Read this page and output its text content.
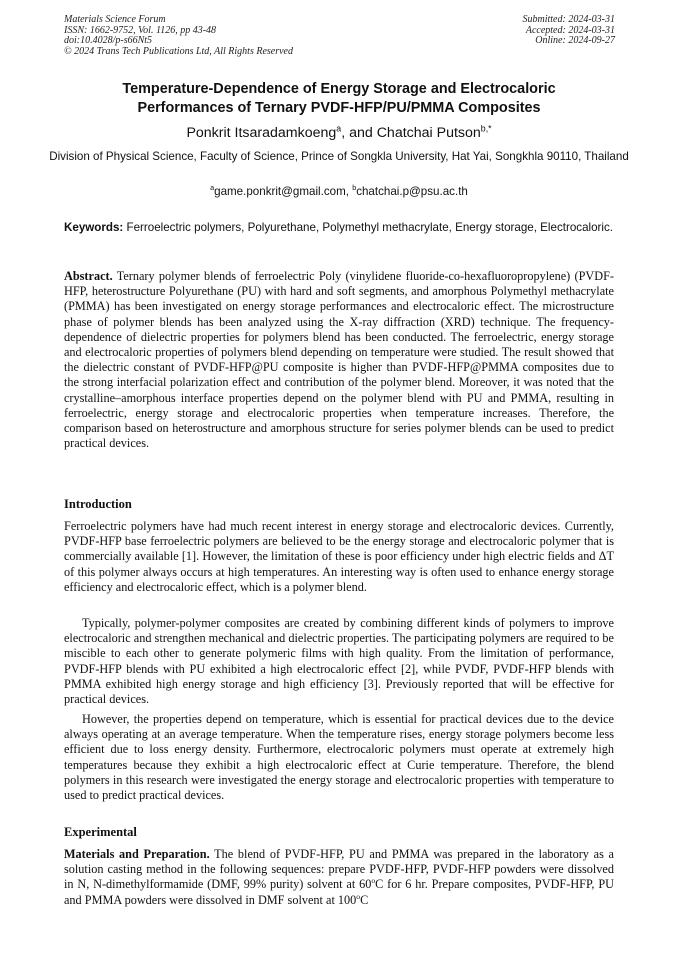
Materials Science Forum
ISSN: 1662-9752, Vol. 1126, pp 43-48
doi:10.4028/p-s66Nt5
© 2024 Trans Tech Publications Ltd, All Rights Reserved
Submitted: 2024-03-31
Accepted: 2024-03-31
Online: 2024-09-27
Temperature-Dependence of Energy Storage and Electrocaloric
Performances of Ternary PVDF-HFP/PU/PMMA Composites
Ponkrit Itsaradamkoeng$^a$, and Chatchai Putson$^{b,*}$
Division of Physical Science, Faculty of Science, Prince of Songkla University, Hat Yai, Songkhla 90110, Thailand
$^a$game.ponkrit@gmail.com, $^b$chatchai.p@psu.ac.th

Keywords: Ferroelectric polymers, Polyurethane, Polymethyl methacrylate, Energy storage, Electrocaloric.

Abstract. Ternary polymer blends of ferroelectric Poly (vinylidene fluoride-co-hexafluoropropylene) (PVDF-HFP, heterostructure Polyurethane (PU) with hard and soft segments, and amorphous Polymethyl methacrylate (PMMA) has been investigated on energy storage performances and electrocaloric effect. The microstructure phase of polymer blends has been analyzed using the X-ray diffraction (XRD) technique. The frequency-dependence of dielectric properties for polymers blend has been conducted. The ferroelectric, energy storage and electrocaloric properties of polymers blend depending on temperature were studied. The result showed that the dielectric constant of PVDF-HFP@PU composite is higher than PVDF-HFP@PMMA composites due to the strong interfacial polarization effect and contribution of the polymer blend. Moreover, it was noted that the crystalline–amorphous interface properties depend on the polymer blend with PU and PMMA, resulting in ferroelectric, energy storage and electrocaloric properties when temperature increases. Therefore, the comparison based on heterostructure and amorphous structure for series polymer blends can be used to predict practical devices.

Introduction

Ferroelectric polymers have had much recent interest in energy storage and electrocaloric devices. Currently, PVDF-HFP base ferroelectric polymers are believed to be the energy storage and electrocaloric polymer that is commercially available [1]. However, the limitation of these is poor efficiency under high electric fields and ΔT of this polymer always occurs at high temperatures. An interesting way is often used to enhance energy storage efficiency and electrocaloric effect, which is a polymer blend.

Typically, polymer-polymer composites are created by combining different kinds of polymers to improve electrocaloric and strengthen mechanical and dielectric properties. The participating polymers are required to be miscible to each other to generate polymeric films with high quality. From the limitation of performance, PVDF-HFP blends with PU exhibited a high electrocaloric effect [2], while PVDF, PVDF-HFP blends with PMMA exhibited high energy storage and high efficiency [3]. Previously reported that will be effective for practical devices.

However, the properties depend on temperature, which is essential for practical devices due to the device always operating at an average temperature. When the temperature rises, energy storage polymers become less efficient due to loss energy density. Furthermore, electrocaloric polymers must operate at extremely high temperatures because they exhibit a high electrocaloric effect at Curie temperature. Therefore, the blend polymers in this research were investigated the energy storage and electrocaloric properties with temperature to used to predict practical devices.

Experimental

Materials and Preparation. The blend of PVDF-HFP, PU and PMMA was prepared in the laboratory as a solution casting method in the following sequences: prepare PVDF-HFP, PVDF-HFP powders were dissolved in N, N-dimethylformamide (DMF, 99% purity) solvent at 60$^o$C for 6 hr. Prepare composites, PVDF-HFP, PU and PMMA powders were dissolved in DMF solvent at 100$^o$C
